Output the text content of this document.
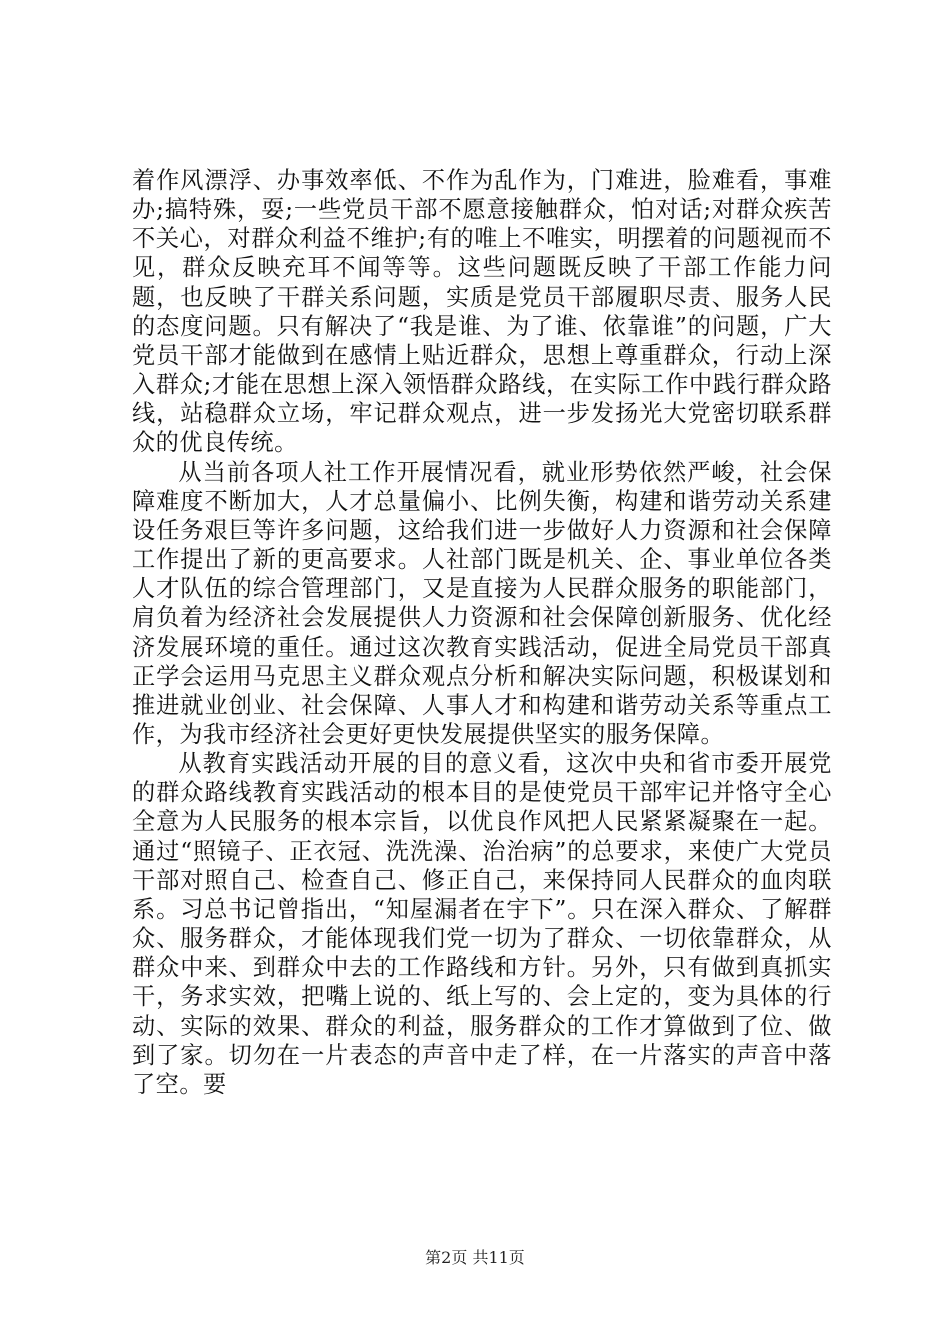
着作风漂浮、办事效率低、不作为乱作为，门难进，脸难看，事难办;搞特殊，耍;一些党员干部不愿意接触群众，怕对话;对群众疾苦不关心，对群众利益不维护;有的唯上不唯实，明摆着的问题视而不见，群众反映充耳不闻等等。这些问题既反映了干部工作能力问题，也反映了干群关系问题，实质是党员干部履职尽责、服务人民的态度问题。只有解决了“我是谁、为了谁、依靠谁”的问题，广大党员干部才能做到在感情上贴近群众，思想上尊重群众，行动上深入群众;才能在思想上深入领悟群众路线，在实际工作中践行群众路线，站稳群众立场，牢记群众观点，进一步发扬光大党密切联系群众的优良传统。

从当前各项人社工作开展情况看，就业形势依然严峻，社会保障难度不断加大，人才总量偏小、比例失衡，构建和谐劳动关系建设任务艰巨等许多问题，这给我们进一步做好人力资源和社会保障工作提出了新的更高要求。人社部门既是机关、企、事业单位各类人才队伍的综合管理部门，又是直接为人民群众服务的职能部门，肩负着为经济社会发展提供人力资源和社会保障创新服务、优化经济发展环境的重任。通过这次教育实践活动，促进全局党员干部真正学会运用马克思主义群众观点分析和解决实际问题，积极谋划和推进就业创业、社会保障、人事人才和构建和谐劳动关系等重点工作，为我市经济社会更好更快发展提供坚实的服务保障。

从教育实践活动开展的目的意义看，这次中央和省市委开展党的群众路线教育实践活动的根本目的是使党员干部牢记并恪守全心全意为人民服务的根本宗旨，以优良作风把人民紧紧凝聚在一起。通过“照镜子、正衣冠、洗洗澡、治治病”的总要求，来使广大党员干部对照自己、检查自己、修正自己，来保持同人民群众的血肉联系。习总书记曾指出，“知屋漏者在宇下”。只在深入群众、了解群众、服务群众，才能体现我们党一切为了群众、一切依靠群众，从群众中来、到群众中去的工作路线和方针。另外，只有做到真抓实干，务求实效，把嘴上说的、纸上写的、会上定的，变为具体的行动、实际的效果、群众的利益，服务群众的工作才算做到了位、做到了家。切勿在一片表态的声音中走了样，在一片落实的声音中落了空。要

第2页 共11页
